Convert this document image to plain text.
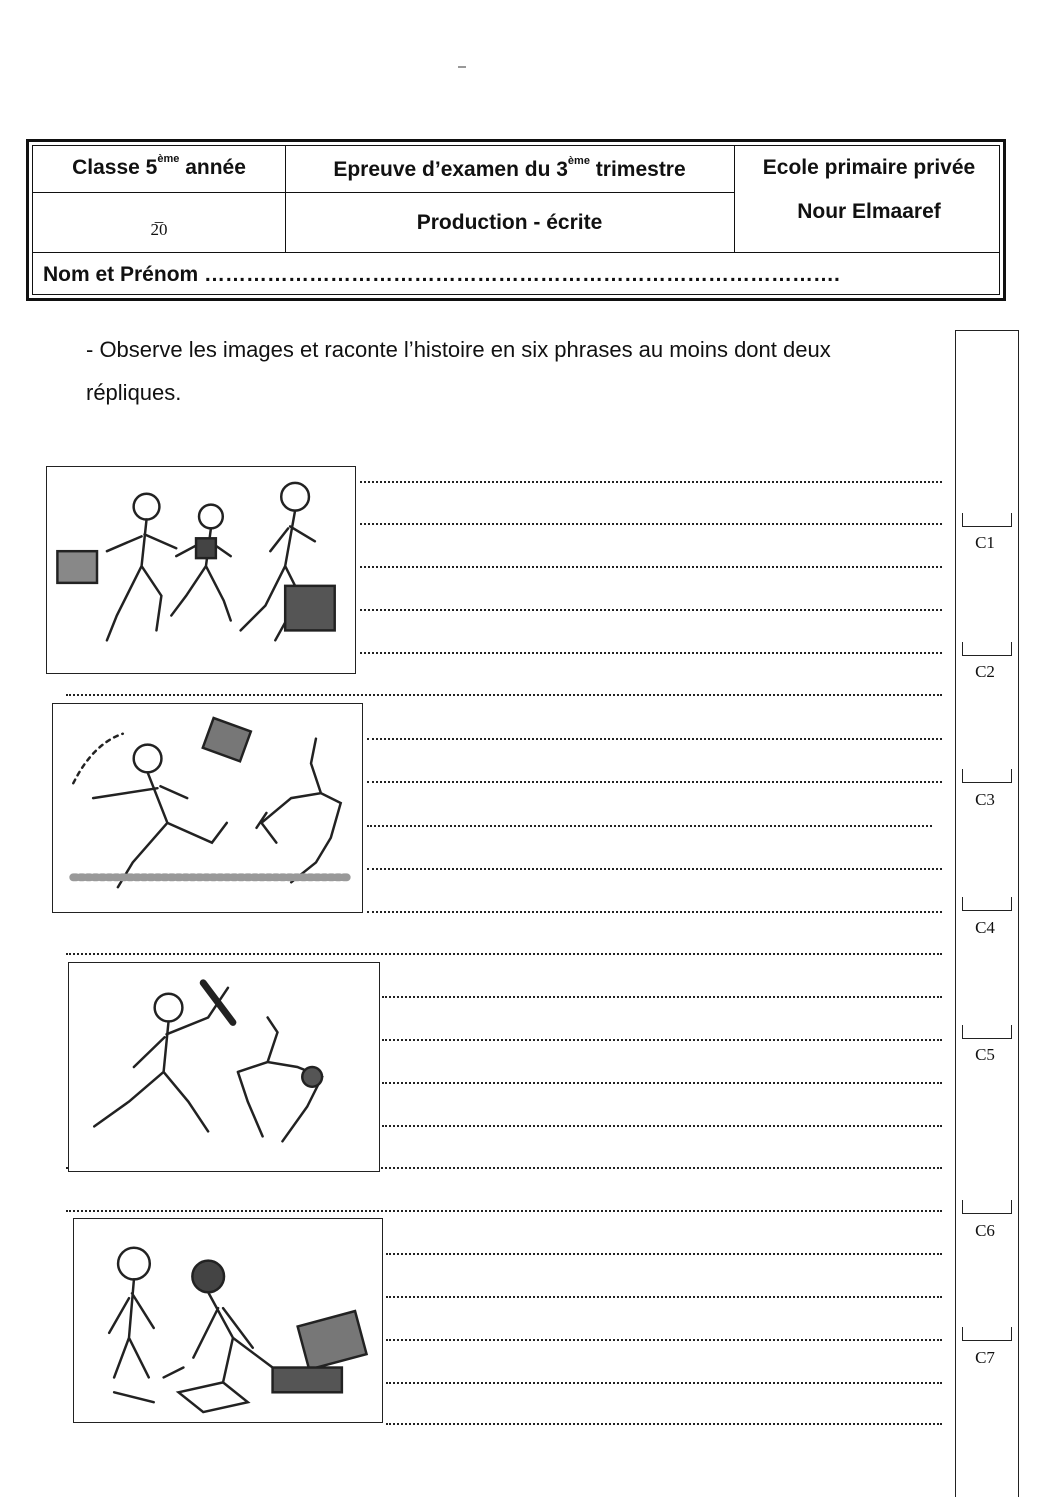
Classe 5ème année	Epreuve d’examen du 3ème trimestre	Ecole primaire privée
Nour Elmaaref
_
20	Production - écrite
Nom et Prénom ……………………………………………………………………………….
- Observe les images et raconte l’histoire en six phrases au moins dont deux
répliques.
C1
C2
C3
C4
C5
C6
C7
